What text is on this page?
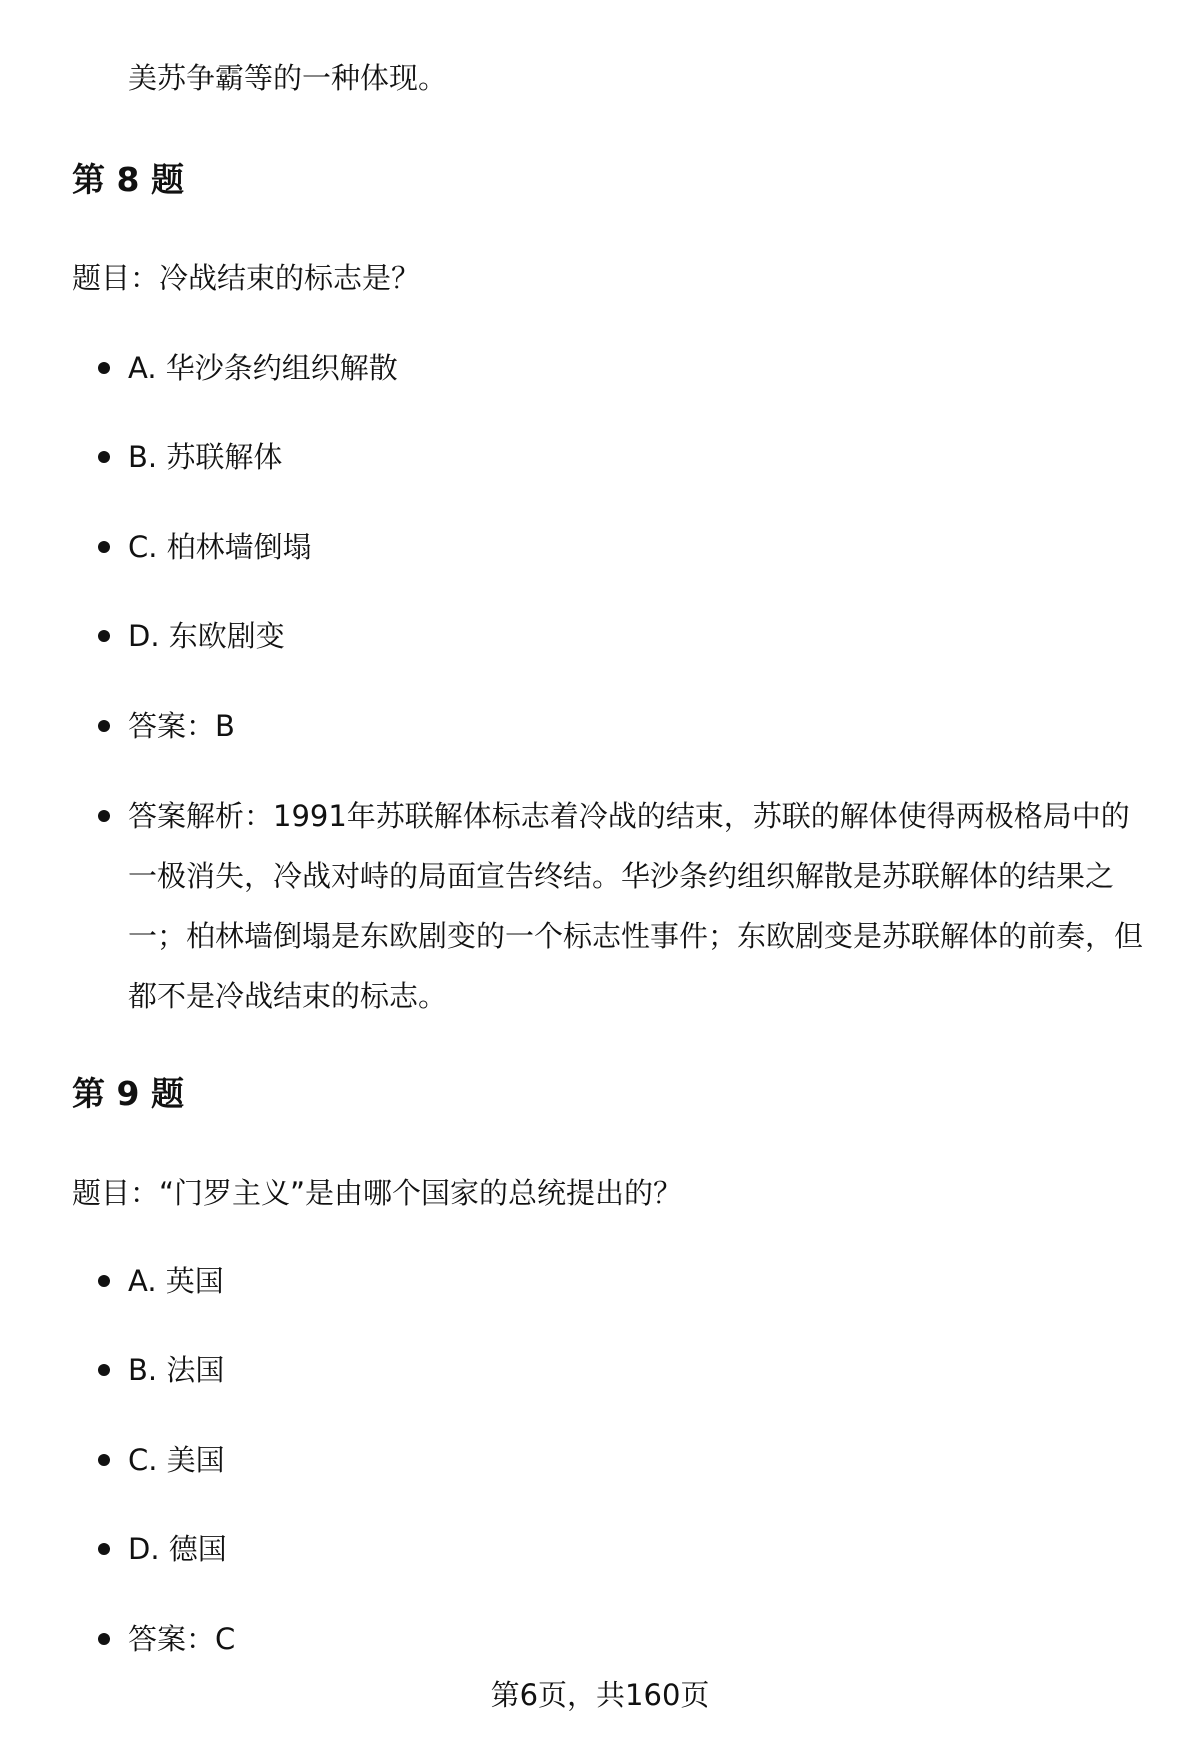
美苏争霸等的一种体现。

第 8 题

题目：冷战结束的标志是？

A. 华沙条约组织解散
B. 苏联解体
C. 柏林墙倒塌
D. 东欧剧变
答案：B
答案解析：1991年苏联解体标志着冷战的结束，苏联的解体使得两极格局中的一极消失，冷战对峙的局面宣告终结。华沙条约组织解散是苏联解体的结果之一；柏林墙倒塌是东欧剧变的一个标志性事件；东欧剧变是苏联解体的前奏，但都不是冷战结束的标志。
第 9 题

题目：“门罗主义”是由哪个国家的总统提出的？

A. 英国
B. 法国
C. 美国
D. 德国
答案：C

第6页，共160页
